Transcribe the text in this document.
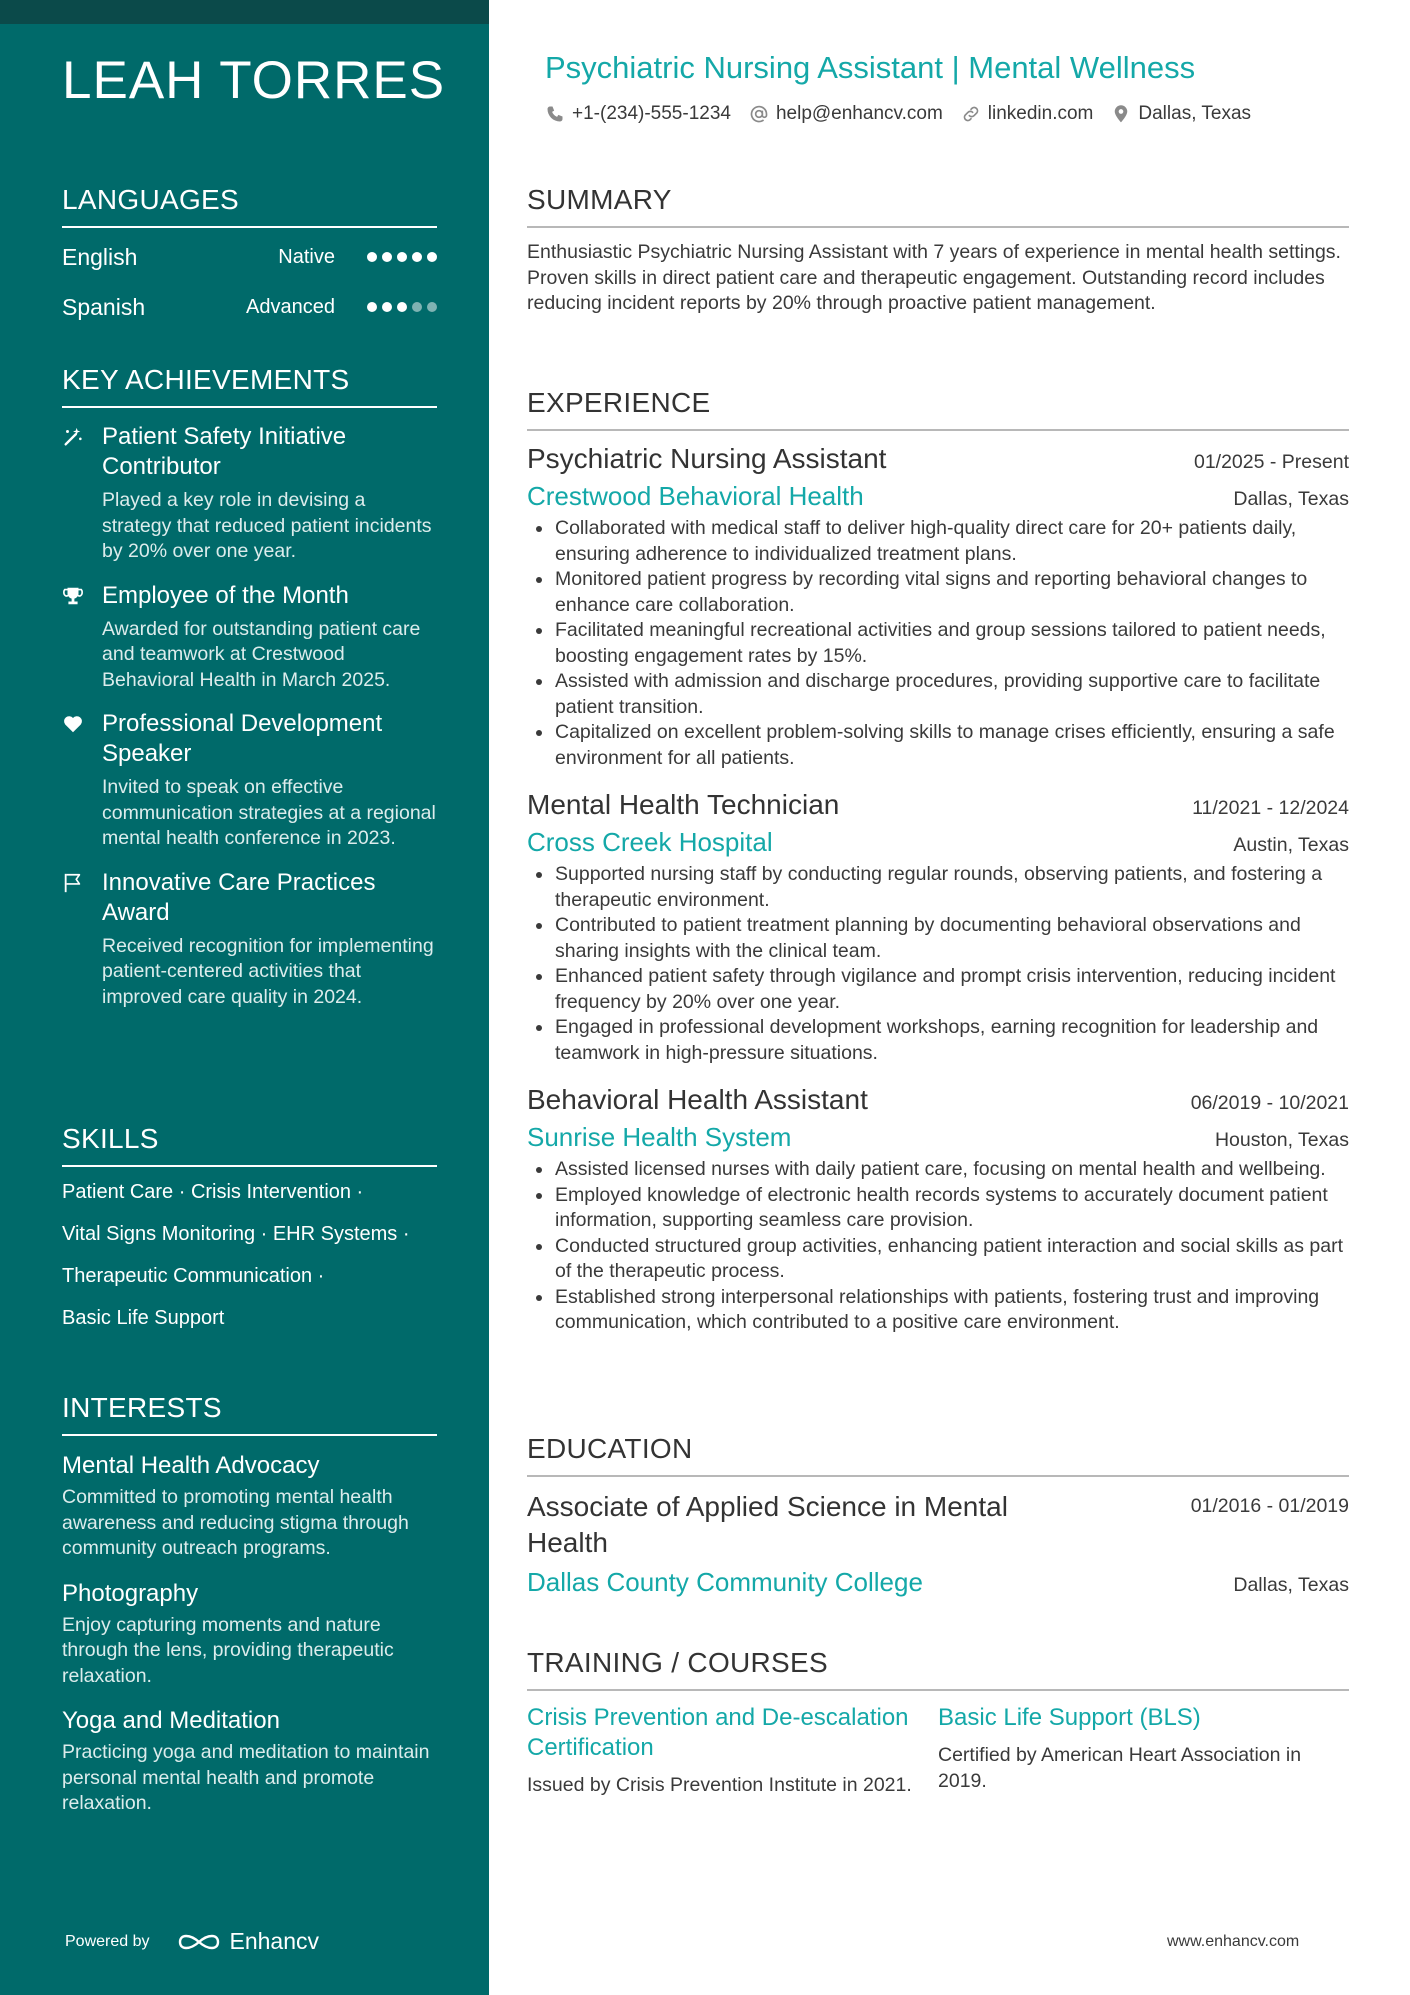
LEAH TORRES
LANGUAGES
English	Native
Spanish	Advanced
KEY ACHIEVEMENTS
Patient Safety Initiative Contributor
Played a key role in devising a strategy that reduced patient incidents by 20% over one year.
Employee of the Month
Awarded for outstanding patient care and teamwork at Crestwood Behavioral Health in March 2025.
Professional Development Speaker
Invited to speak on effective communication strategies at a regional mental health conference in 2023.
Innovative Care Practices Award
Received recognition for implementing patient-centered activities that improved care quality in 2024.
SKILLS
Patient Care · Crisis Intervention ·
Vital Signs Monitoring · EHR Systems ·
Therapeutic Communication ·
Basic Life Support
INTERESTS
Mental Health Advocacy
Committed to promoting mental health awareness and reducing stigma through community outreach programs.
Photography
Enjoy capturing moments and nature through the lens, providing therapeutic relaxation.
Yoga and Meditation
Practicing yoga and meditation to maintain personal mental health and promote relaxation.
Powered by	Enhancv
Psychiatric Nursing Assistant | Mental Wellness
+1-(234)-555-1234 help@enhancv.com linkedin.com Dallas, Texas
SUMMARY
Enthusiastic Psychiatric Nursing Assistant with 7 years of experience in mental health settings. Proven skills in direct patient care and therapeutic engagement. Outstanding record includes reducing incident reports by 20% through proactive patient management.
EXPERIENCE
Psychiatric Nursing Assistant	01/2025 - Present
Crestwood Behavioral Health	Dallas, Texas
Collaborated with medical staff to deliver high-quality direct care for 20+ patients daily, ensuring adherence to individualized treatment plans.
Monitored patient progress by recording vital signs and reporting behavioral changes to enhance care collaboration.
Facilitated meaningful recreational activities and group sessions tailored to patient needs, boosting engagement rates by 15%.
Assisted with admission and discharge procedures, providing supportive care to facilitate patient transition.
Capitalized on excellent problem-solving skills to manage crises efficiently, ensuring a safe environment for all patients.
Mental Health Technician	11/2021 - 12/2024
Cross Creek Hospital	Austin, Texas
Supported nursing staff by conducting regular rounds, observing patients, and fostering a therapeutic environment.
Contributed to patient treatment planning by documenting behavioral observations and sharing insights with the clinical team.
Enhanced patient safety through vigilance and prompt crisis intervention, reducing incident frequency by 20% over one year.
Engaged in professional development workshops, earning recognition for leadership and teamwork in high-pressure situations.
Behavioral Health Assistant	06/2019 - 10/2021
Sunrise Health System	Houston, Texas
Assisted licensed nurses with daily patient care, focusing on mental health and wellbeing.
Employed knowledge of electronic health records systems to accurately document patient information, supporting seamless care provision.
Conducted structured group activities, enhancing patient interaction and social skills as part of the therapeutic process.
Established strong interpersonal relationships with patients, fostering trust and improving communication, which contributed to a positive care environment.
EDUCATION
Associate of Applied Science in Mental Health
01/2016 - 01/2019
Dallas County Community College	Dallas, Texas
TRAINING / COURSES
Crisis Prevention and De-escalation Certification
Issued by Crisis Prevention Institute in 2021.
Basic Life Support (BLS)
Certified by American Heart Association in 2019.
www.enhancv.com
